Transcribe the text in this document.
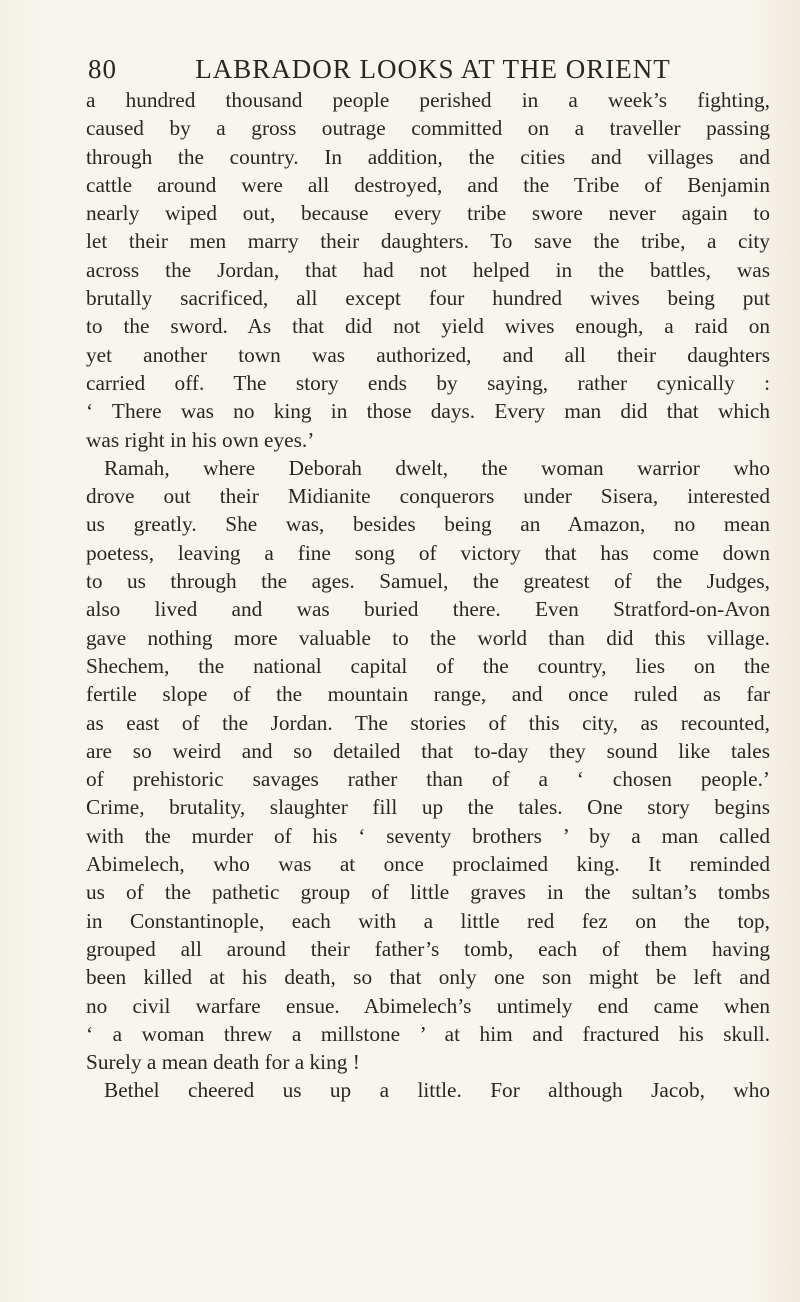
80	LABRADOR LOOKS AT THE ORIENT
a hundred thousand people perished in a week’s fighting,
caused by a gross outrage committed on a traveller passing
through the country. In addition, the cities and villages and
cattle around were all destroyed, and the Tribe of Benjamin
nearly wiped out, because every tribe swore never again to
let their men marry their daughters. To save the tribe, a city
across the Jordan, that had not helped in the battles, was
brutally sacrificed, all except four hundred wives being put
to the sword. As that did not yield wives enough, a raid on
yet another town was authorized, and all their daughters
carried off. The story ends by saying, rather cynically :
‘ There was no king in those days. Every man did that which
was right in his own eyes.’
Ramah, where Deborah dwelt, the woman warrior who
drove out their Midianite conquerors under Sisera, interested
us greatly. She was, besides being an Amazon, no mean
poetess, leaving a fine song of victory that has come down
to us through the ages. Samuel, the greatest of the Judges,
also lived and was buried there. Even Stratford-on-Avon
gave nothing more valuable to the world than did this village.
Shechem, the national capital of the country, lies on the
fertile slope of the mountain range, and once ruled as far
as east of the Jordan. The stories of this city, as recounted,
are so weird and so detailed that to-day they sound like tales
of prehistoric savages rather than of a ‘ chosen people.’
Crime, brutality, slaughter fill up the tales. One story begins
with the murder of his ‘ seventy brothers ’ by a man called
Abimelech, who was at once proclaimed king. It reminded
us of the pathetic group of little graves in the sultan’s tombs
in Constantinople, each with a little red fez on the top,
grouped all around their father’s tomb, each of them having
been killed at his death, so that only one son might be left and
no civil warfare ensue. Abimelech’s untimely end came when
‘ a woman threw a millstone ’ at him and fractured his skull.
Surely a mean death for a king !
Bethel cheered us up a little. For although Jacob, who
